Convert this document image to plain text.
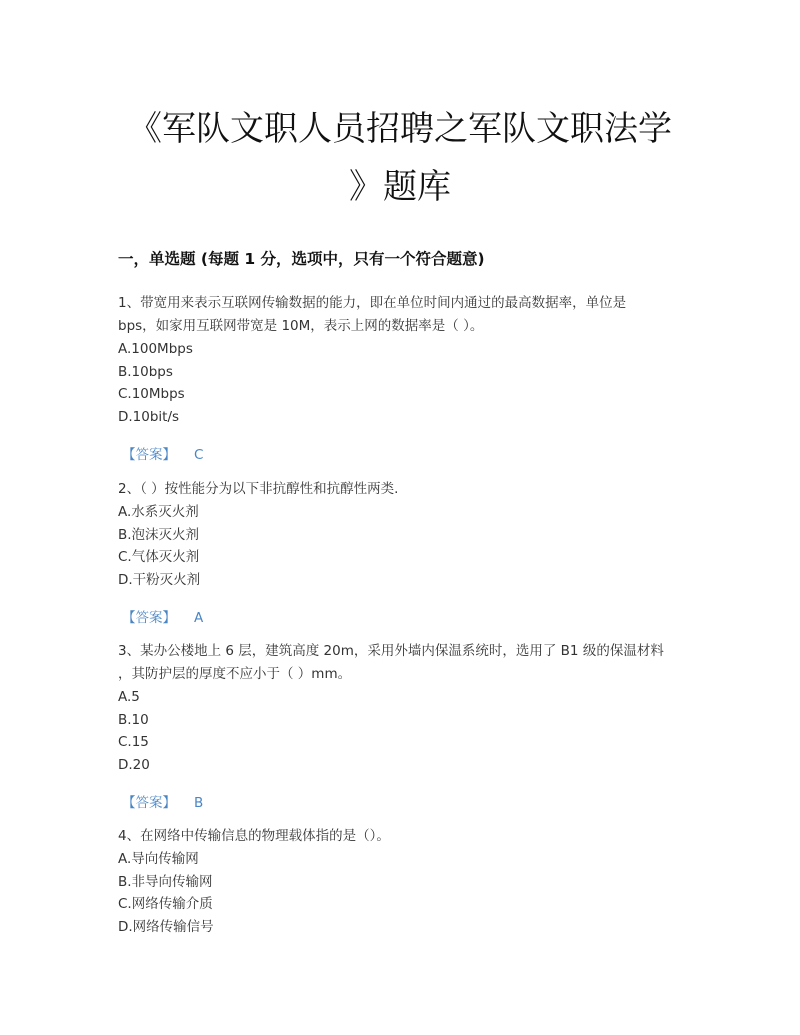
《军队文职人员招聘之军队文职法学
》题库
一，单选题 (每题 1 分，选项中，只有一个符合题意)

1、带宽用来表示互联网传输数据的能力，即在单位时间内通过的最高数据率，单位是

bps，如家用互联网带宽是 10M，表示上网的数据率是（ ）。

A.100Mbps

B.10bps

C.10Mbps

D.10bit/s

【答案】 C

2、（ ）按性能分为以下非抗醇性和抗醇性两类.

A.水系灭火剂

B.泡沫灭火剂

C.气体灭火剂

D.干粉灭火剂

【答案】 A

3、某办公楼地上 6 层，建筑高度 20m，采用外墙内保温系统时，选用了 B1 级的保温材料

，其防护层的厚度不应小于（ ）mm。

A.5

B.10

C.15

D.20

【答案】 B

4、在网络中传输信息的物理载体指的是（）。

A.导向传输网

B.非导向传输网

C.网络传输介质

D.网络传输信号
